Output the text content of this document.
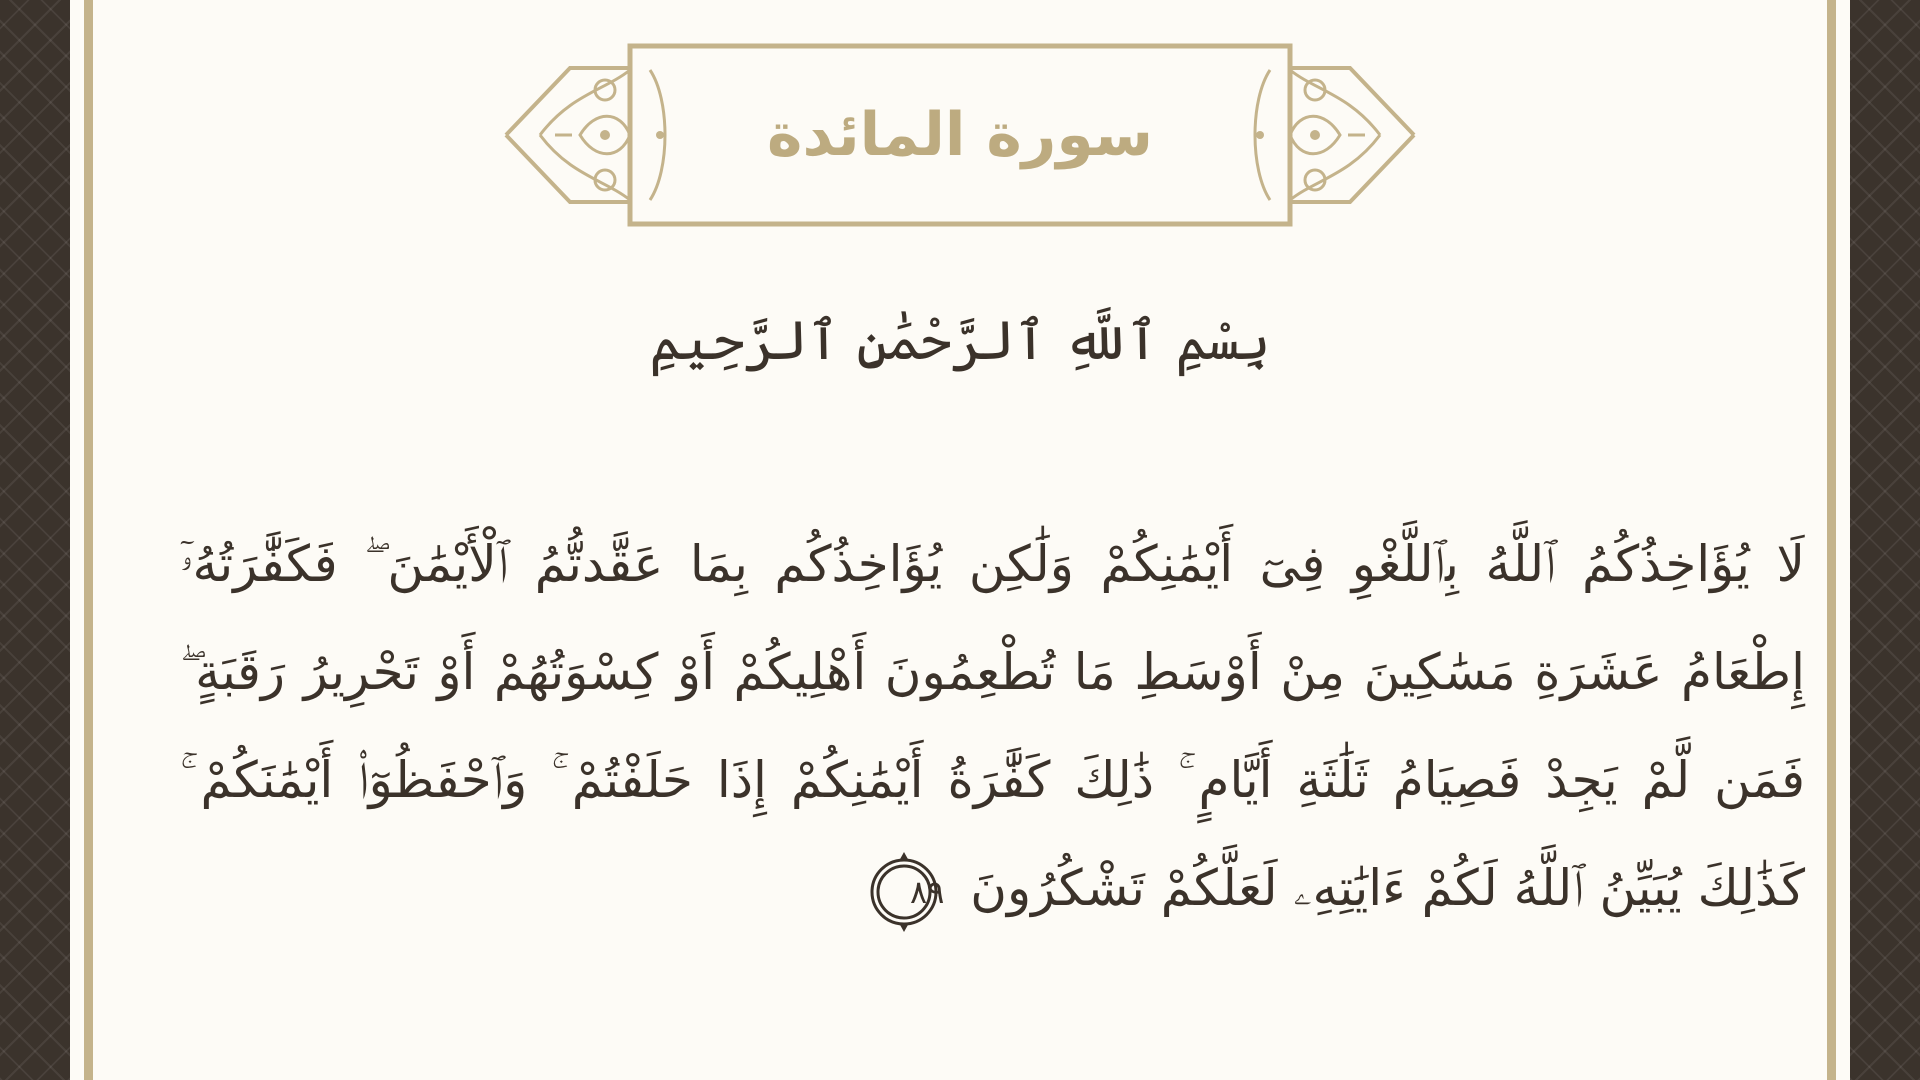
سورة المائدة
بِسْمِ ٱللَّهِ ٱلرَّحْمَٰنِ ٱلرَّحِيمِ
لَا يُؤَاخِذُكُمُ ٱللَّهُ بِٱللَّغْوِ فِىٓ أَيْمَٰنِكُمْ وَلَٰكِن يُؤَاخِذُكُم بِمَا عَقَّدتُّمُ ٱلْأَيْمَٰنَ ۖ فَكَفَّٰرَتُهُۥٓ إِطْعَامُ عَشَرَةِ مَسَٰكِينَ مِنْ أَوْسَطِ مَا تُطْعِمُونَ أَهْلِيكُمْ أَوْ كِسْوَتُهُمْ أَوْ تَحْرِيرُ رَقَبَةٍ ۖ فَمَن لَّمْ يَجِدْ فَصِيَامُ ثَلَٰثَةِ أَيَّامٍ ۚ ذَٰلِكَ كَفَّٰرَةُ أَيْمَٰنِكُمْ إِذَا حَلَفْتُمْ ۚ وَٱحْفَظُوٓا۟ أَيْمَٰنَكُمْ ۚ كَذَٰلِكَ يُبَيِّنُ ٱللَّهُ لَكُمْ ءَايَٰتِهِۦ لَعَلَّكُمْ تَشْكُرُونَ
٨٩
